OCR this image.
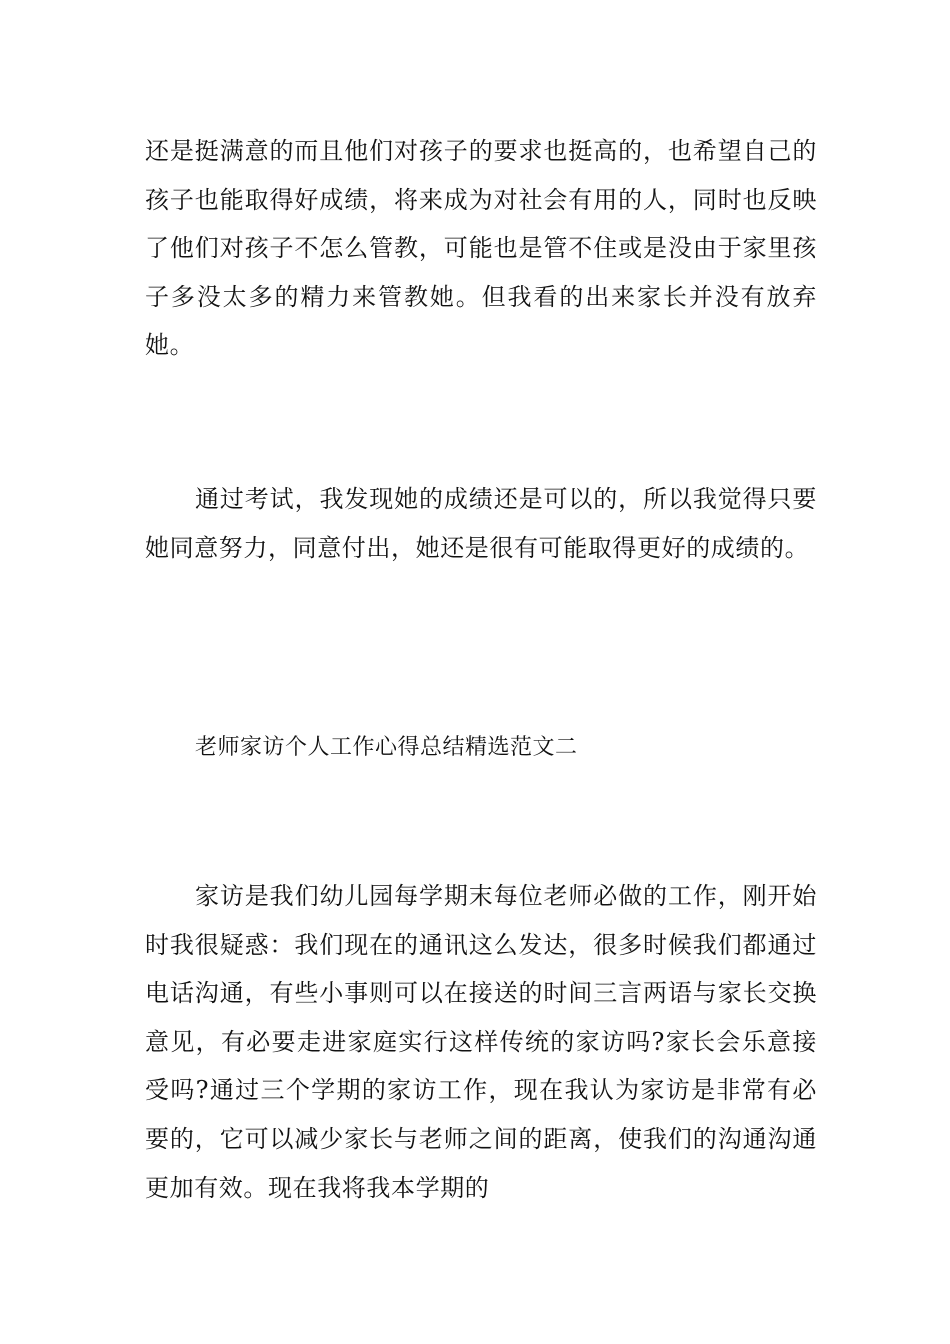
还是挺满意的而且他们对孩子的要求也挺高的，也希望自己的孩子也能取得好成绩，将来成为对社会有用的人，同时也反映了他们对孩子不怎么管教，可能也是管不住或是没由于家里孩子多没太多的精力来管教她。但我看的出来家长并没有放弃她。

通过考试，我发现她的成绩还是可以的，所以我觉得只要她同意努力，同意付出，她还是很有可能取得更好的成绩的。

老师家访个人工作心得总结精选范文二

家访是我们幼儿园每学期末每位老师必做的工作，刚开始时我很疑惑：我们现在的通讯这么发达，很多时候我们都通过电话沟通，有些小事则可以在接送的时间三言两语与家长交换意见，有必要走进家庭实行这样传统的家访吗?家长会乐意接受吗?通过三个学期的家访工作，现在我认为家访是非常有必要的，它可以减少家长与老师之间的距离，使我们的沟通沟通更加有效。现在我将我本学期的
